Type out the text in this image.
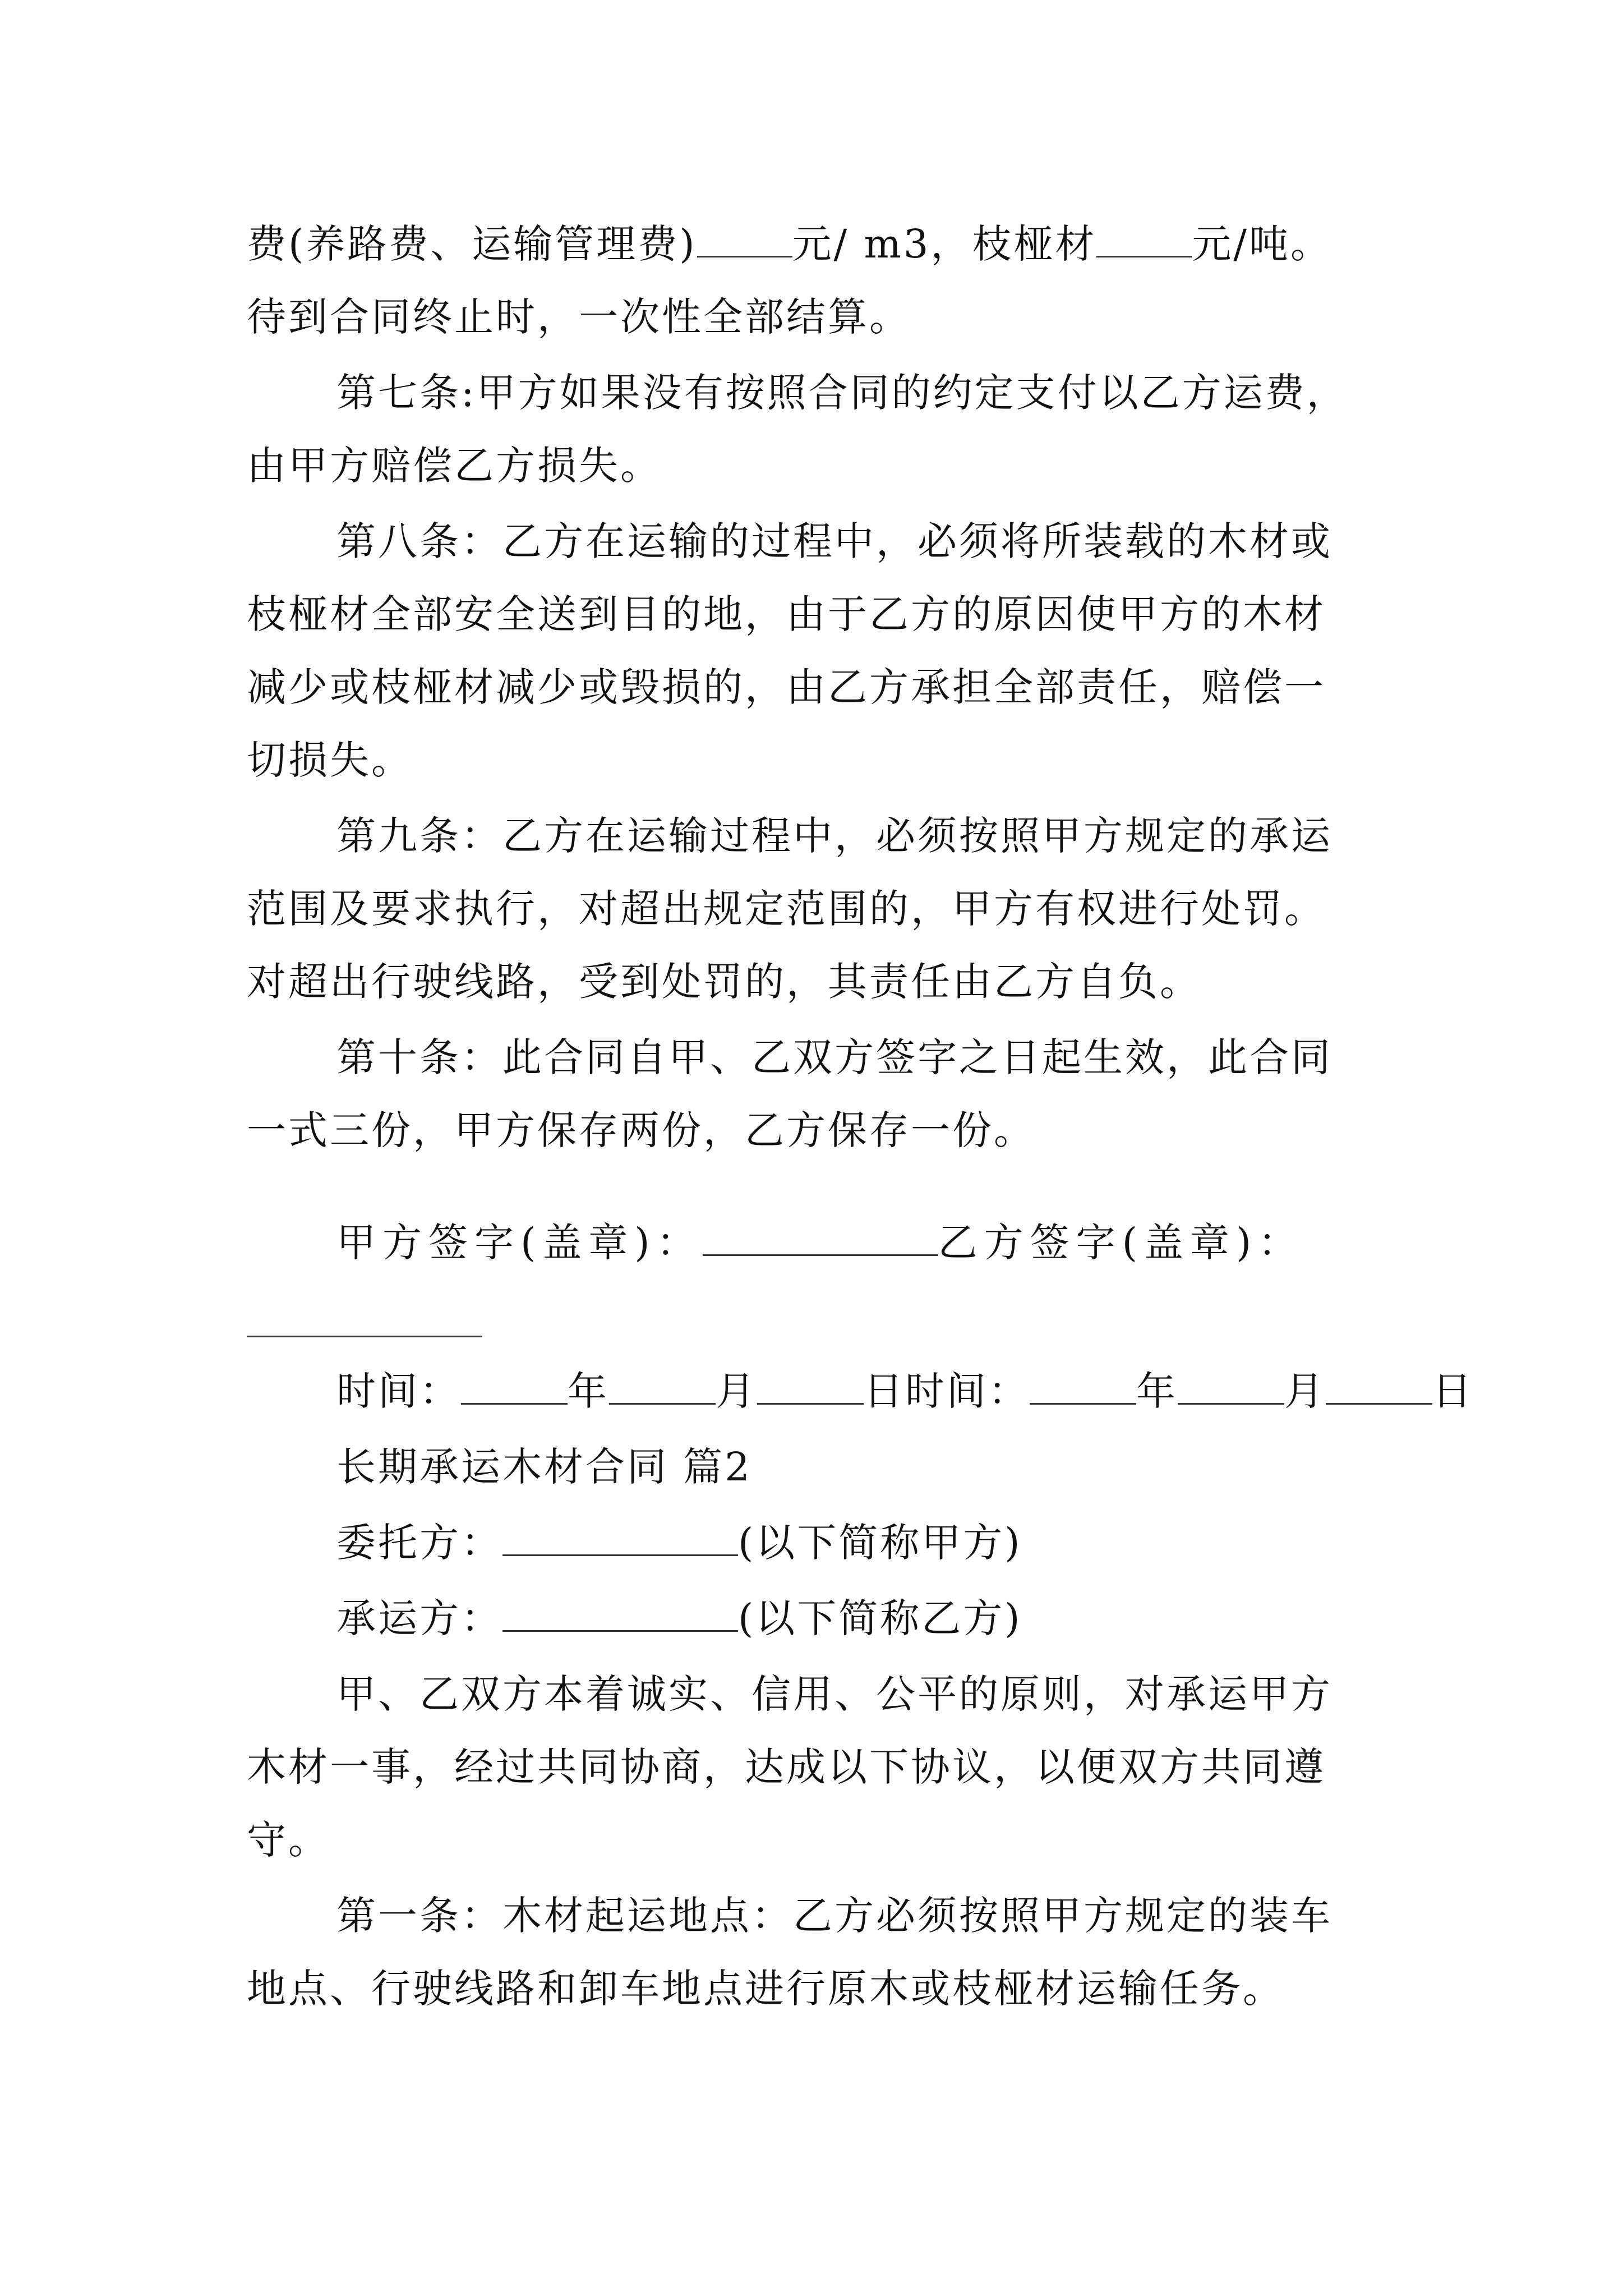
费(养路费、运输管理费) 元/ m3，枝桠材 元/吨。
待到合同终止时，一次性全部结算。
第七条:甲方如果没有按照合同的约定支付以乙方运费，
由甲方赔偿乙方损失。
第八条：乙方在运输的过程中，必须将所装载的木材或
枝桠材全部安全送到目的地，由于乙方的原因使甲方的木材
减少或枝桠材减少或毁损的，由乙方承担全部责任，赔偿一
切损失。
第九条：乙方在运输过程中，必须按照甲方规定的承运
范围及要求执行，对超出规定范围的，甲方有权进行处罚。
对超出行驶线路，受到处罚的，其责任由乙方自负。
第十条：此合同自甲、乙双方签字之日起生效，此合同
一式三份，甲方保存两份，乙方保存一份。
甲方签字(盖章)：	乙方签字(盖章)：
时间：	年	月	日时间：	年	月	日
长期承运木材合同 篇2
委托方：	(以下简称甲方)
承运方：	(以下简称乙方)
甲、乙双方本着诚实、信用、公平的原则，对承运甲方
木材一事，经过共同协商，达成以下协议，以便双方共同遵
守。
第一条：木材起运地点：乙方必须按照甲方规定的装车
地点、行驶线路和卸车地点进行原木或枝桠材运输任务。
